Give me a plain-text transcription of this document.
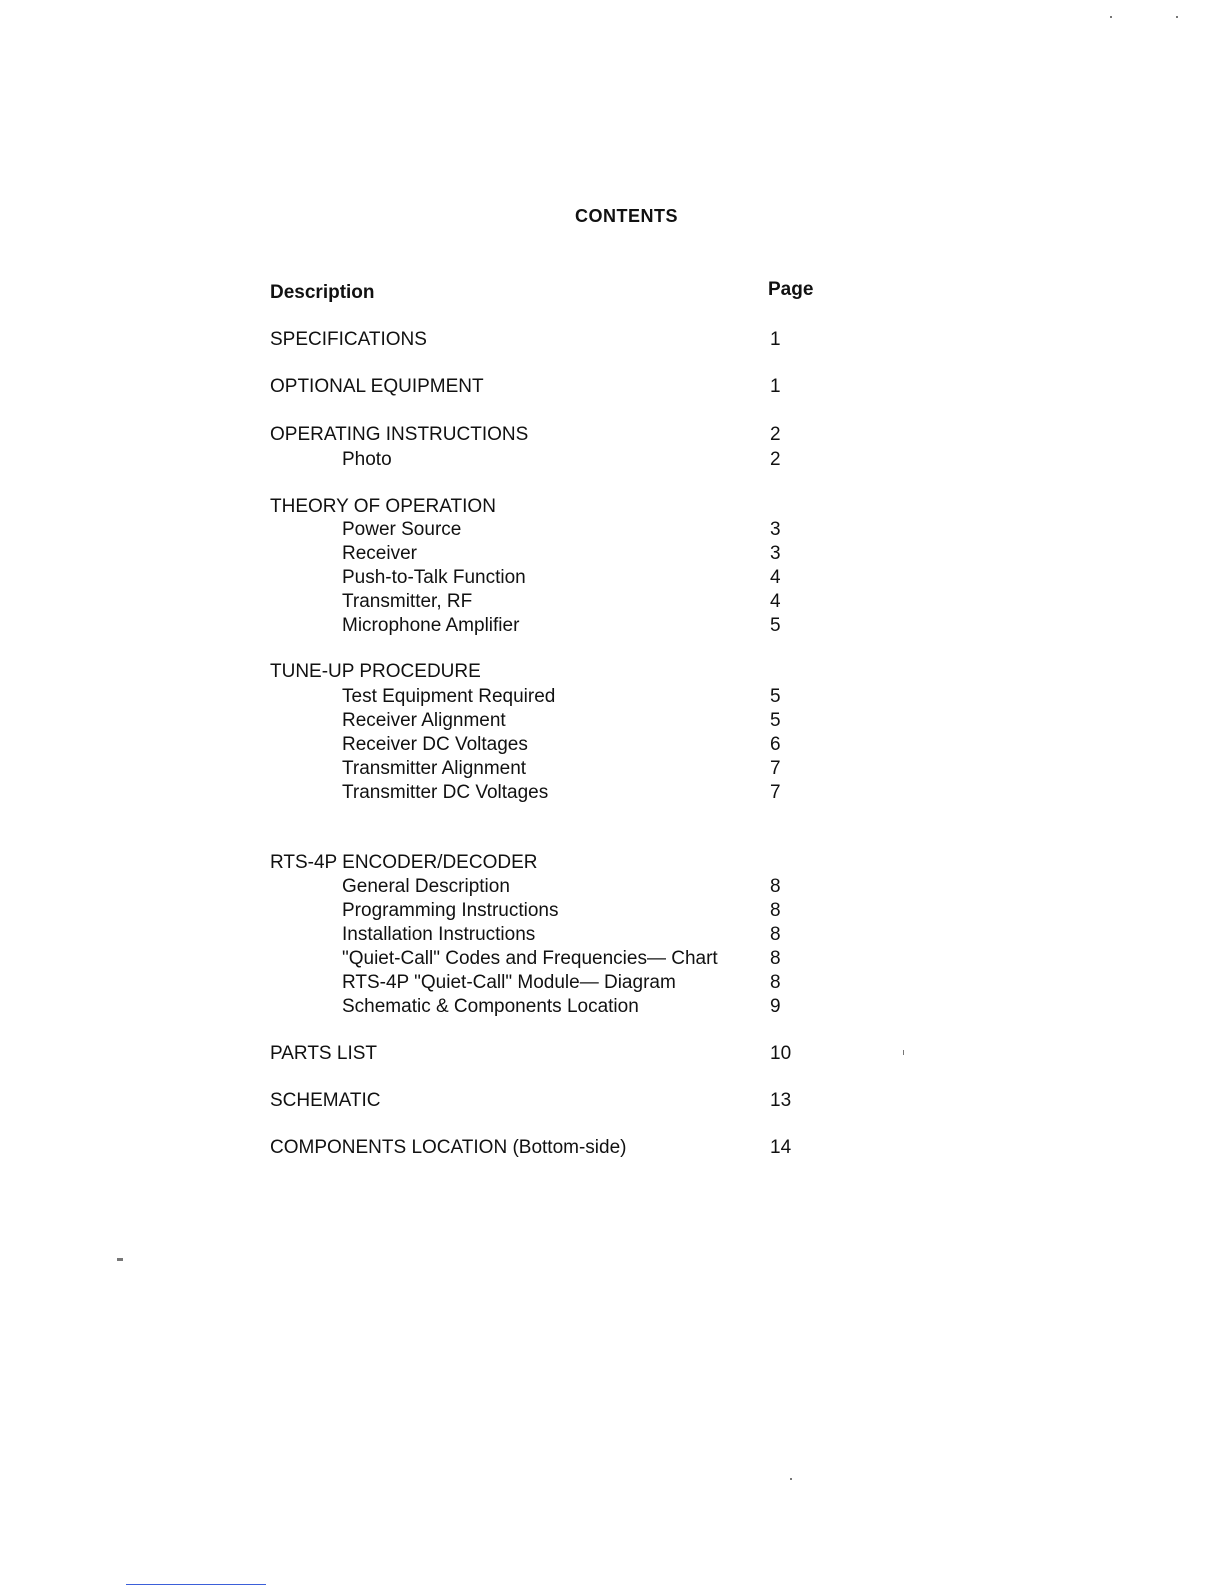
CONTENTS
Description	Page
SPECIFICATIONS	1
OPTIONAL EQUIPMENT	1
OPERATING INSTRUCTIONS	2
Photo	2
THEORY OF OPERATION
Power Source	3
Receiver	3
Push-to-Talk Function	4
Transmitter, RF	4
Microphone Amplifier	5
TUNE-UP PROCEDURE
Test Equipment Required	5
Receiver Alignment	5
Receiver DC Voltages	6
Transmitter Alignment	7
Transmitter DC Voltages	7
RTS-4P ENCODER/DECODER
General Description	8
Programming Instructions	8
Installation Instructions	8
"Quiet-Call" Codes and Frequencies— Chart	8
RTS-4P "Quiet-Call" Module— Diagram	8
Schematic & Components Location	9
PARTS LIST	10
SCHEMATIC	13
COMPONENTS LOCATION (Bottom-side)	14
